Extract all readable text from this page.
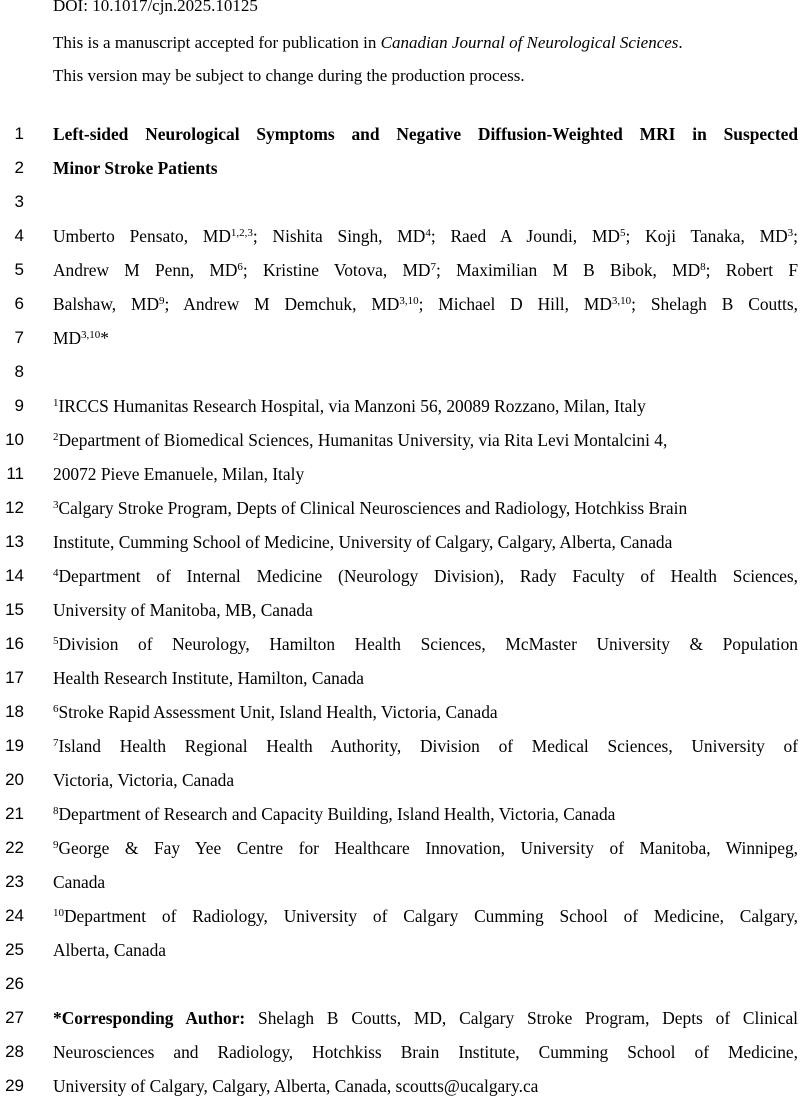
DOI: 10.1017/cjn.2025.10125
This is a manuscript accepted for publication in Canadian Journal of Neurological Sciences.
This version may be subject to change during the production process.
1 Left-sided Neurological Symptoms and Negative Diffusion-Weighted MRI in Suspected
2 Minor Stroke Patients
3
4 Umberto Pensato, MD$^{1,2,3}$; Nishita Singh, $MD^4$; Raed A Joundi, $MD^5$; Koji Tanaka, $MD^3$;
5 Andrew M Penn, $MD^6$; Kristine Votova, $MD^7$; Maximilian M B Bibok, $MD^8$; Robert F
6 Balshaw, $MD^9$; Andrew M Demchuk, MD$^{3,10}$; Michael D Hill, MD$^{3,10}$; Shelagh B Coutts,
7 MD$^{3,10}$*
8
9	$^1$IRCCS Humanitas Research Hospital, via Manzoni 56, 20089 Rozzano, Milan, Italy
10	$^2$Department of Biomedical Sciences, Humanitas University, via Rita Levi Montalcini 4,
11 20072 Pieve Emanuele, Milan, Italy
12	$^3$Calgary Stroke Program, Depts of Clinical Neurosciences and Radiology, Hotchkiss Brain
13 Institute, Cumming School of Medicine, University of Calgary, Calgary, Alberta, Canada
14	$^4$Department of Internal Medicine (Neurology Division), Rady Faculty of Health Sciences,
15 University of Manitoba, MB, Canada
16	$^5$Division of Neurology, Hamilton Health Sciences, McMaster University & Population
17 Health Research Institute, Hamilton, Canada
18	$^6$Stroke Rapid Assessment Unit, Island Health, Victoria, Canada
19	$^7$Island Health Regional Health Authority, Division of Medical Sciences, University of
20 Victoria, Victoria, Canada
21	$^8$Department of Research and Capacity Building, Island Health, Victoria, Canada
22	$^9$George & Fay Yee Centre for Healthcare Innovation, University of Manitoba, Winnipeg,
23 Canada
24	$^{10}$Department of Radiology, University of Calgary Cumming School of Medicine, Calgary,
25 Alberta, Canada
26
27 *Corresponding Author: Shelagh B Coutts, MD, Calgary Stroke Program, Depts of Clinical
28 Neurosciences and Radiology, Hotchkiss Brain Institute, Cumming School of Medicine,
29 University of Calgary, Calgary, Alberta, Canada, scoutts@ucalgary.ca
